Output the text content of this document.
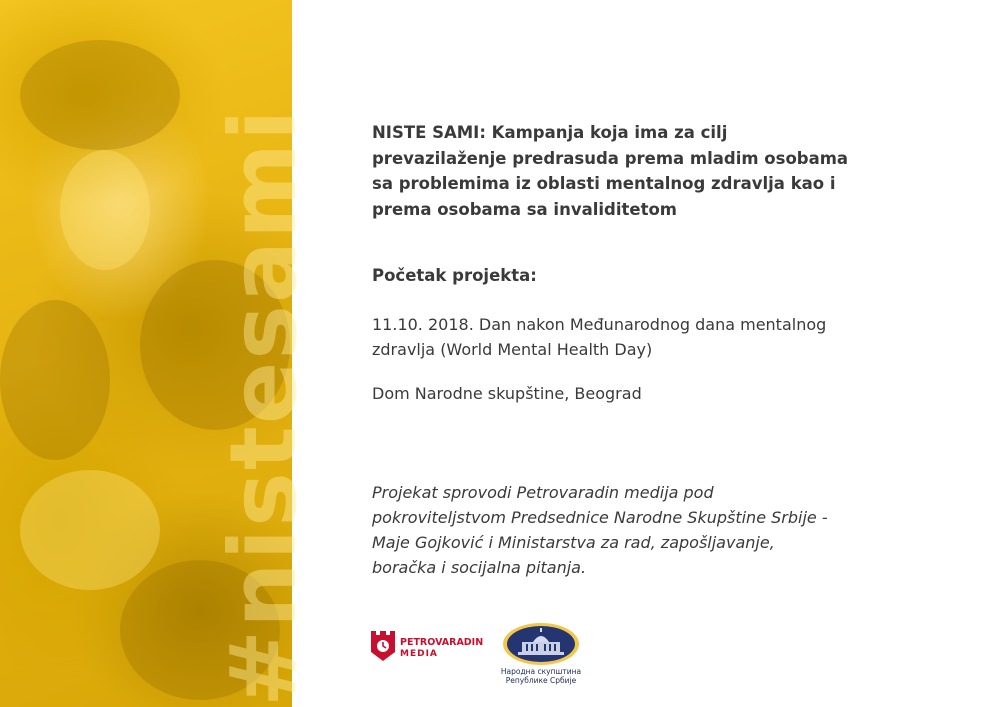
#nistesami	NISTE SAMI: Kampanja koja ima za cilj prevazilaženje predrasuda prema mladim osobama sa problemima iz oblasti mentalnog zdravlja kao i prema osobama sa invaliditetom

Početak projekta:

11.10. 2018. Dan nakon Međunarodnog dana mentalnog zdravlja (World Mental Health Day)

Dom Narodne skupštine, Beograd

Projekat sprovodi Petrovaradin medija pod pokroviteljstvom Predsednice Narodne Skupštine Srbije - Maje Gojković i Ministarstva za rad, zapošljavanje, boračka i socijalna pitanja.

PETROVARADIN
MEDIA
Народна скупштина
Републике Србије
